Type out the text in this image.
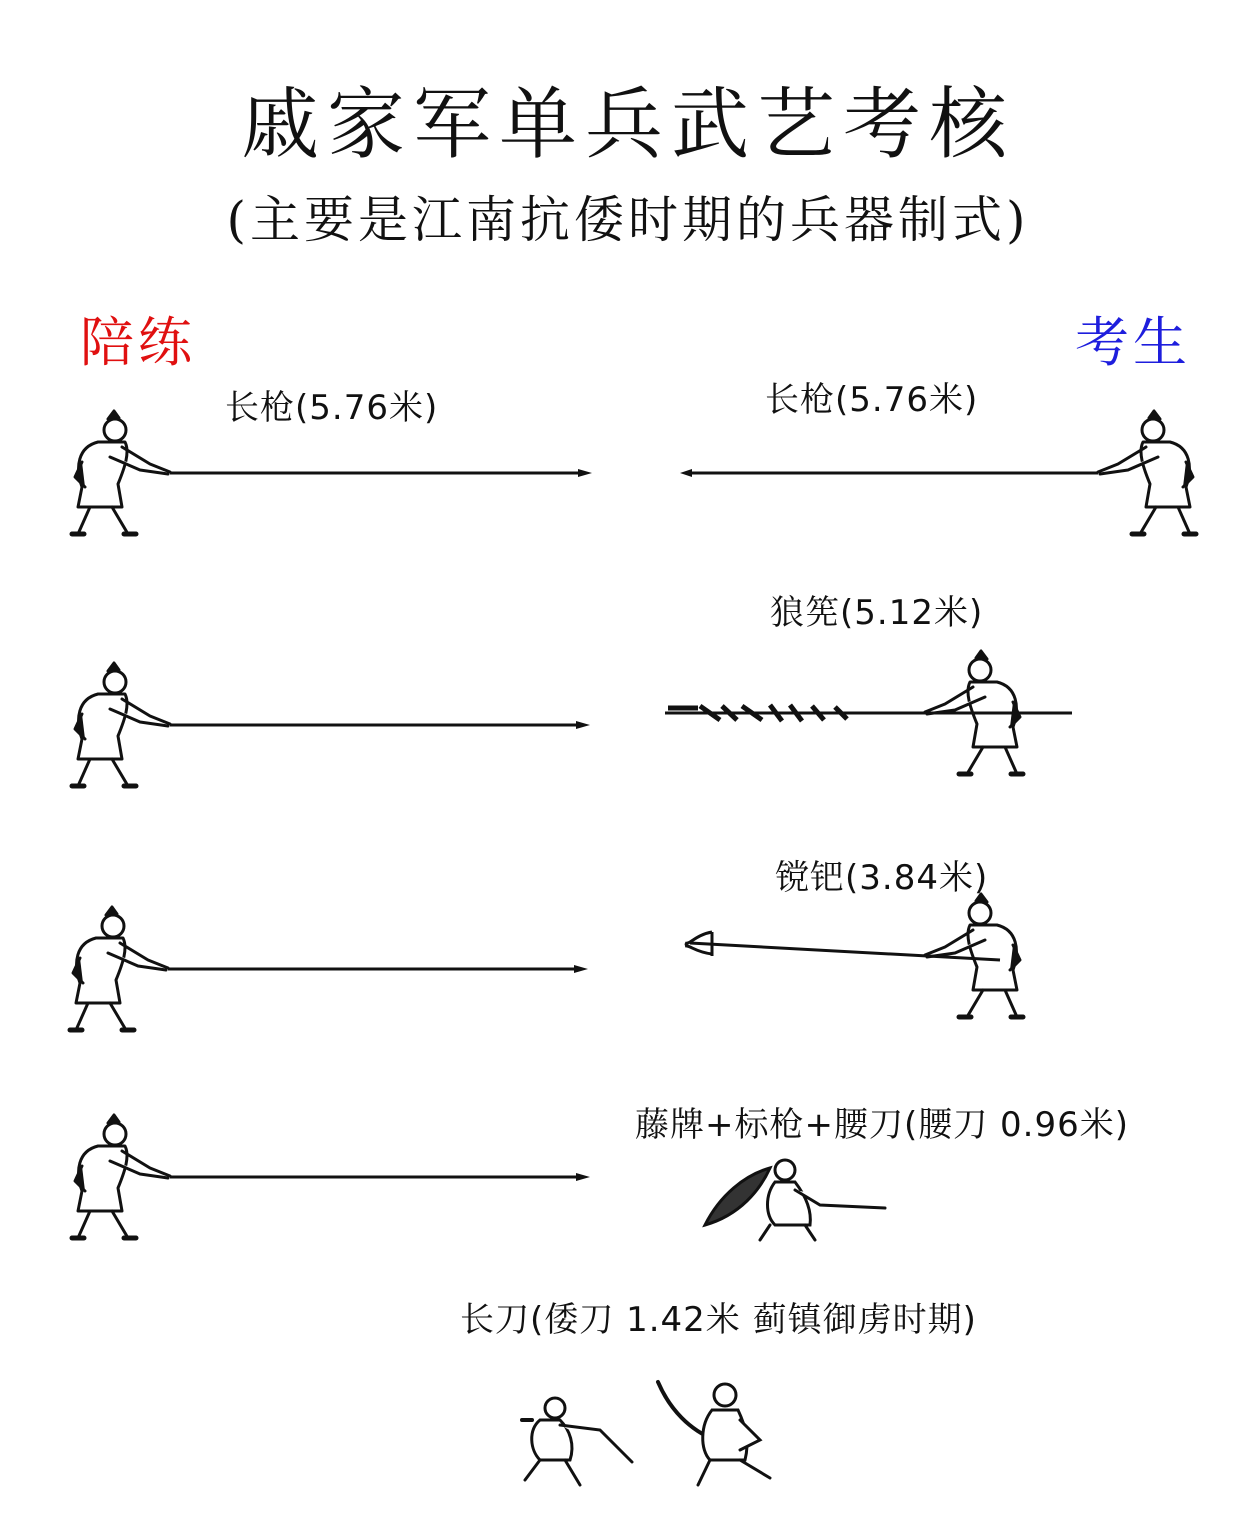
戚家军单兵武艺考核
(主要是江南抗倭时期的兵器制式)
陪练	考生
长枪(5.76米)	长枪(5.76米)
狼筅(5.12米)
镋钯(3.84米)
藤牌+标枪+腰刀(腰刀 0.96米)
长刀(倭刀 1.42米 蓟镇御虏时期)
